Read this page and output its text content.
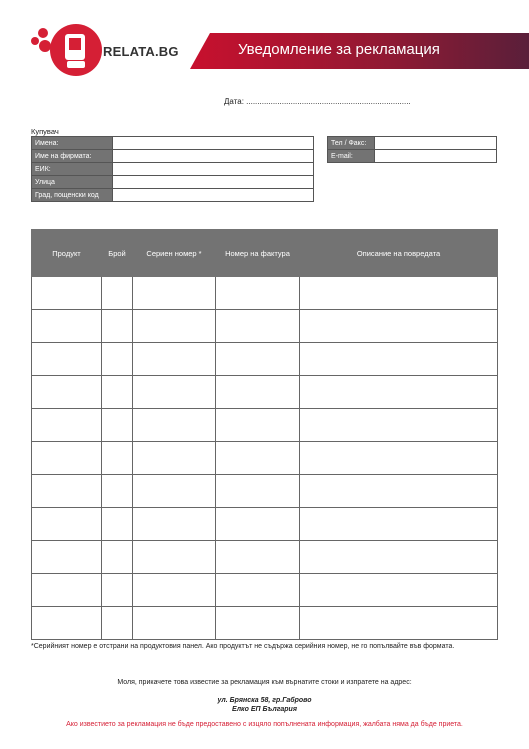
RELATA.BG	Уведомление за рекламация
Дата: ..........................................................................
Купувач
Имена:	
Име на фирмата:	
ЕИК:	
Улица	
Град, пощенски код	
Тел / Факс:	
E-mail:	
Продукт	Брой	Сериен номер *	Номер на фактура	Описание на повредата

*Серийният номер е отстрани на продуктовия панел. Ако продуктът не съдържа серийния номер, не го попълвайте във формата.
Моля, прикачете това известие за рекламация към върнатите стоки и изпратете на адрес:
ул. Брянска 58, гр.Габрово
Елко ЕП България
Ако известието за рекламация не бъде предоставено с изцяло попълнената информация, жалбата няма да бъде приета.
